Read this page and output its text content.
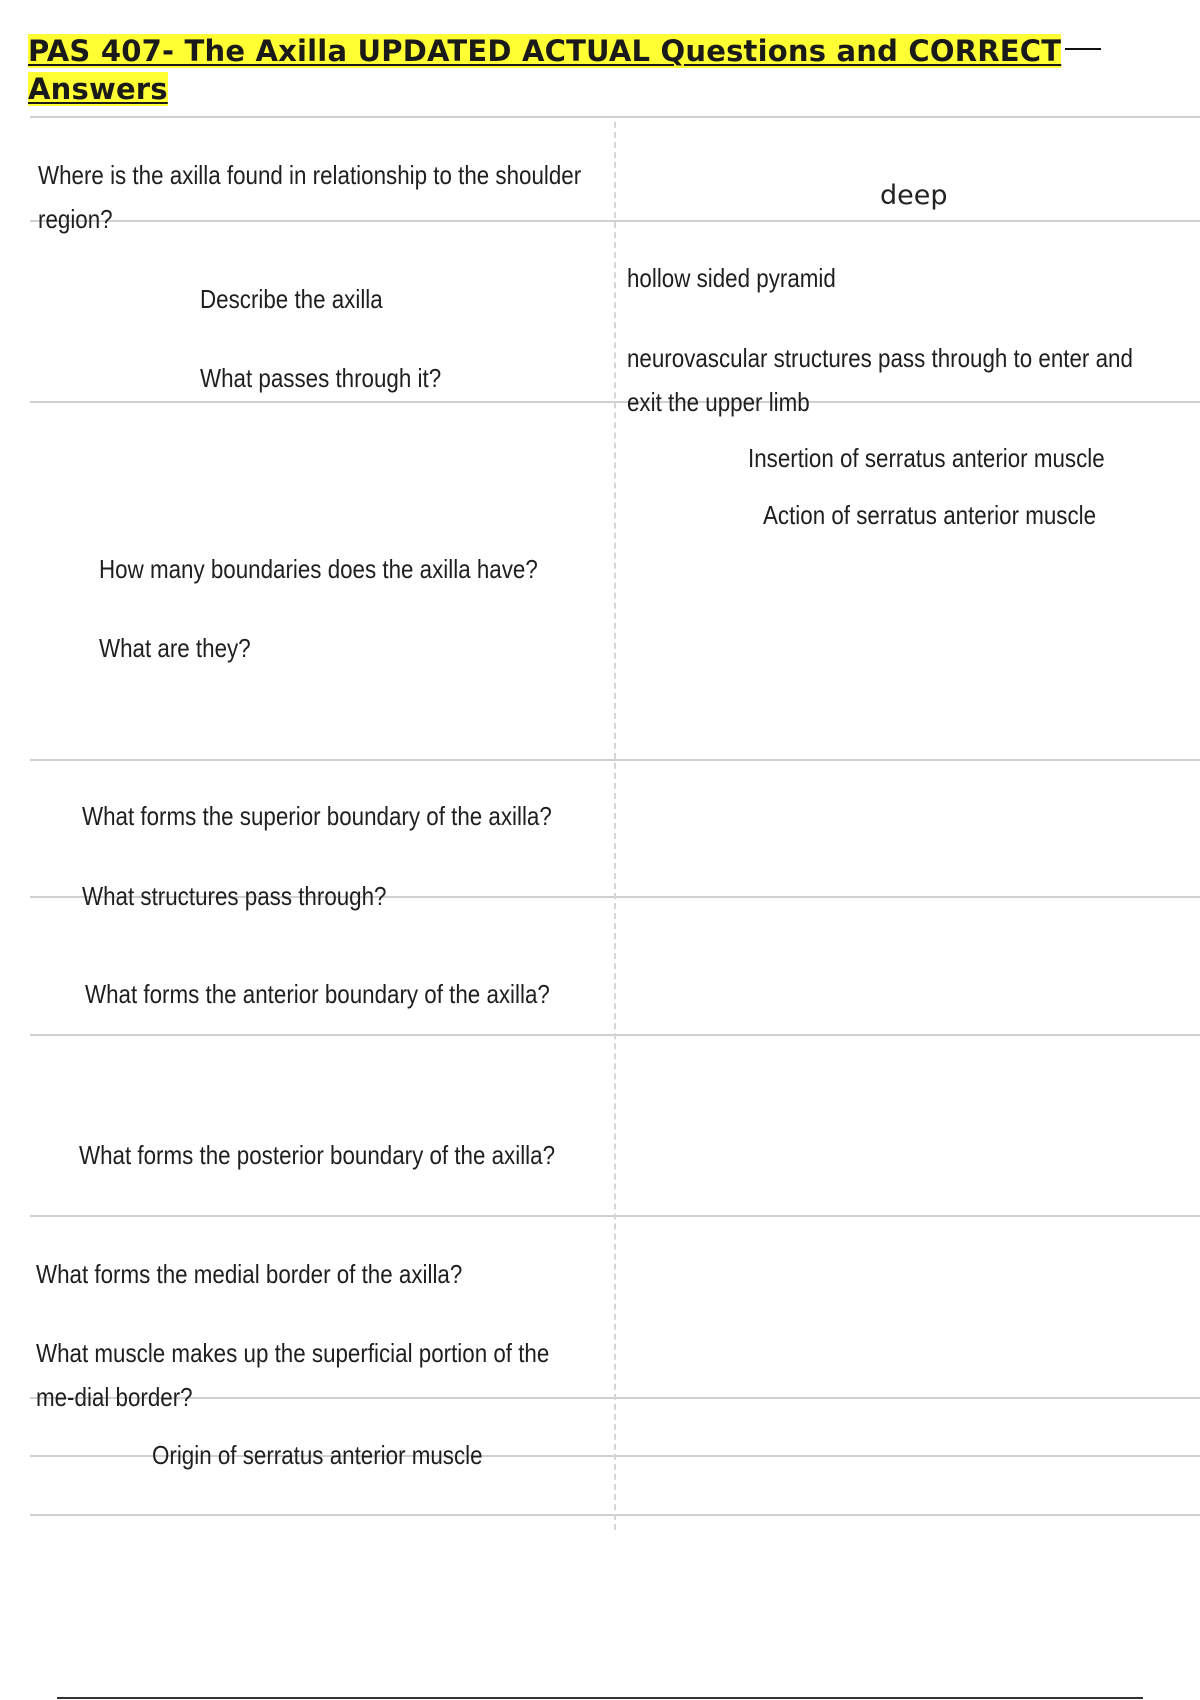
PAS 407- The Axilla UPDATED ACTUAL Questions and CORRECT
Answers

Where is the axilla found in relationship to the shoulder region?

Describe the axilla

What passes through it?

How many boundaries does the axilla have?

What are they?

What forms the superior boundary of the axilla?

What structures pass through?

What forms the anterior boundary of the axilla?

What forms the posterior boundary of the axilla?

What forms the medial border of the axilla?

What muscle makes up the superficial portion of the me-dial border?

Origin of serratus anterior muscle

deep

hollow sided pyramid

neurovascular structures pass through to enter and exit the upper limb

Insertion of serratus anterior muscle

Action of serratus anterior muscle
